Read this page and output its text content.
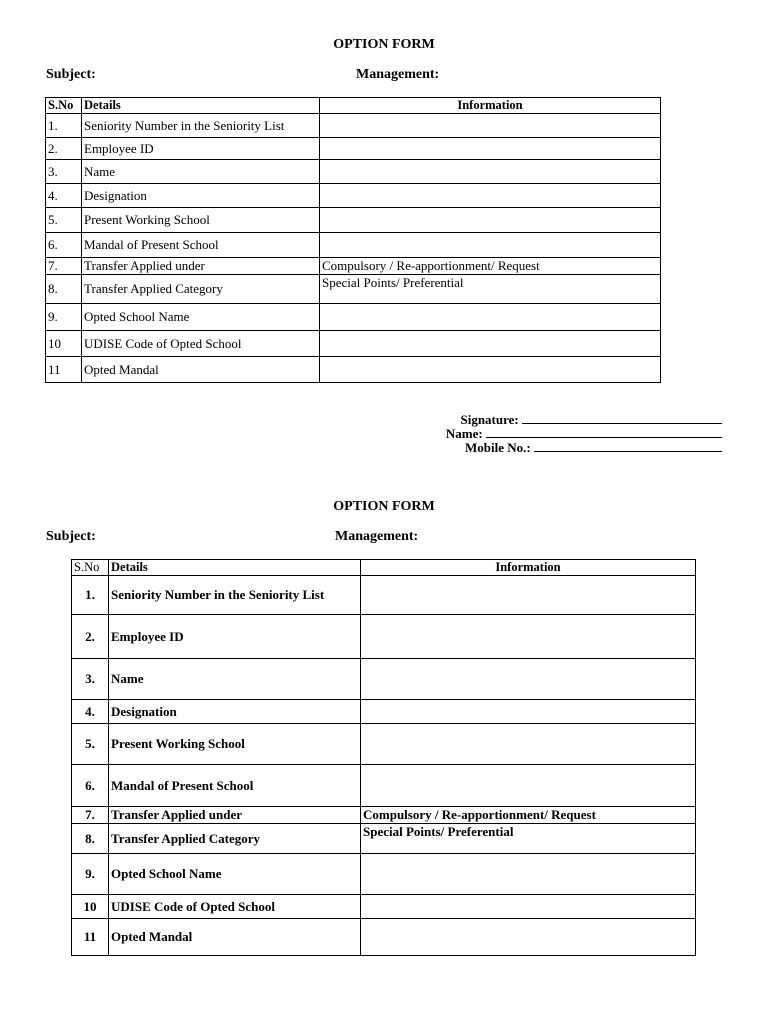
OPTION FORM
Subject:	Management:
S.No	Details	Information
1.	Seniority Number in the Seniority List	
2.	Employee ID	
3.	Name	
4.	Designation	
5.	Present Working School	
6.	Mandal of Present School	
7.	Transfer Applied under	Compulsory / Re-apportionment/ Request
8.	Transfer Applied Category	Special Points/ Preferential
9.	Opted School Name	
10	UDISE Code of Opted School	
11	Opted Mandal	
Signature:
Name:
Mobile No.:
OPTION FORM
Subject:	Management:
S.No	Details	Information
1.	Seniority Number in the Seniority List	
2.	Employee ID	
3.	Name	
4.	Designation	
5.	Present Working School	
6.	Mandal of Present School	
7.	Transfer Applied under	Compulsory / Re-apportionment/ Request
8.	Transfer Applied Category	Special Points/ Preferential
9.	Opted School Name	
10	UDISE Code of Opted School	
11	Opted Mandal	
